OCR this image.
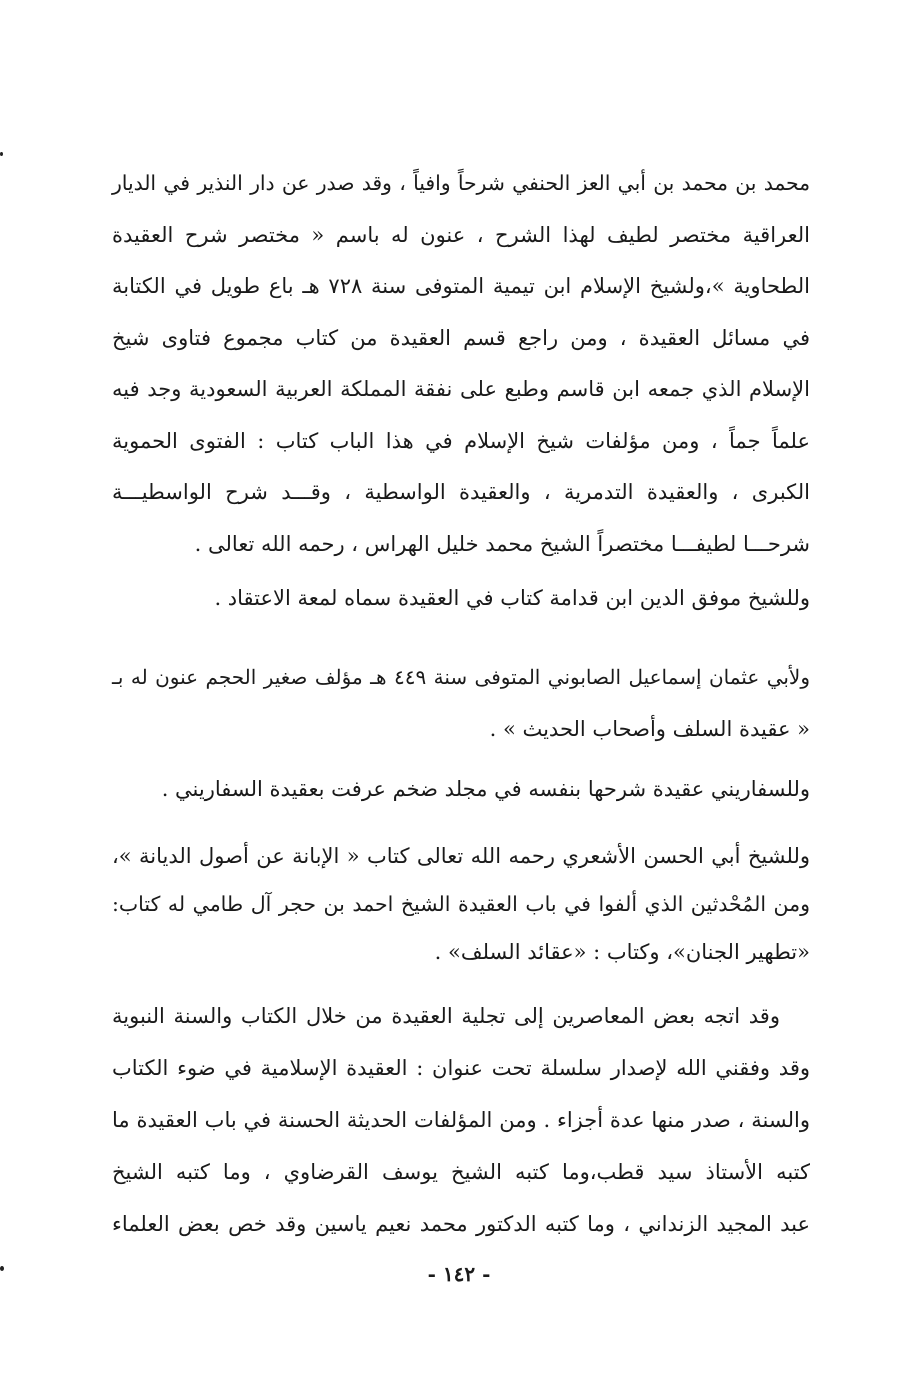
محمد بن محمد بن أبي العز الحنفي شرحاً وافياً ، وقد صدر عن دار النذير في الديار
العراقية مختصر لطيف لهذا الشرح ، عنون له باسم « مختصر شرح العقيدة
الطحاوية »،ولشيخ الإسلام ابن تيمية المتوفى سنة ٧٢٨ هـ باع طويل في الكتابة
في مسائل العقيدة ، ومن راجع قسم العقيدة من كتاب مجموع فتاوى شيخ
الإسلام الذي جمعه ابن قاسم وطبع على نفقة المملكة العربية السعودية وجد فيه
علماً جماً ، ومن مؤلفات شيخ الإسلام في هذا الباب كتاب : الفتوى الحموية
الكبرى ، والعقيدة التدمرية ، والعقيدة الواسطية ، وقـــد شرح الواسطيـــة
شرحـــا لطيفـــا مختصراً الشيخ محمد خليل الهراس ، رحمه الله تعالى .
وللشيخ موفق الدين ابن قدامة كتاب في العقيدة سماه لمعة الاعتقاد .
ولأبي عثمان إسماعيل الصابوني المتوفى سنة ٤٤٩ هـ مؤلف صغير الحجم عنون له بـ
« عقيدة السلف وأصحاب الحديث » .
وللسفاريني عقيدة شرحها بنفسه في مجلد ضخم عرفت بعقيدة السفاريني .
وللشيخ أبي الحسن الأشعري رحمه الله تعالى كتاب « الإبانة عن أصول الديانة »،
ومن المُحْدثين الذي ألفوا في باب العقيدة الشيخ احمد بن حجر آل طامي له كتاب:
«تطهير الجنان»، وكتاب : «عقائد السلف» .
وقد اتجه بعض المعاصرين إلى تجلية العقيدة من خلال الكتاب والسنة النبوية
وقد وفقني الله لإصدار سلسلة تحت عنوان : العقيدة الإسلامية في ضوء الكتاب
والسنة ، صدر منها عدة أجزاء . ومن المؤلفات الحديثة الحسنة في باب العقيدة ما
كتبه الأستاذ سيد قطب،وما كتبه الشيخ يوسف القرضاوي ، وما كتبه الشيخ
عبد المجيد الزنداني ، وما كتبه الدكتور محمد نعيم ياسين وقد خص بعض العلماء
- ١٤٢ -
